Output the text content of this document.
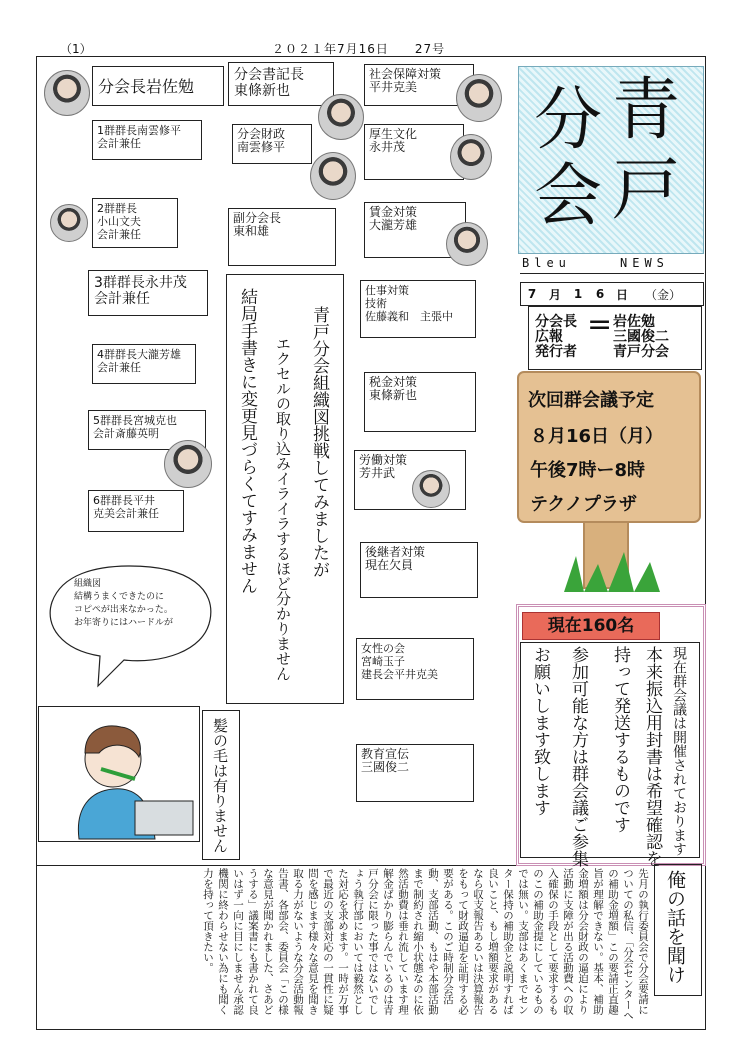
（1）	２０２１年7月16日　　27号
分会長岩佐勉
1群群長南雲修平
会計兼任
2群群長
小山文夫
会計兼任
3群群長永井茂
会計兼任
4群群長大瀧芳雄
会計兼任
5群群長宮城克也
会計斎藤英明
6群群長平井
克美会計兼任
分会書記長
東條新也
分会財政
南雲修平
副分会長
東和雄
社会保障対策
平井克美
厚生文化
永井茂
賃金対策
大瀧芳雄
仕事対策
技術
佐藤義和　主張中
税金対策
東條新也
労働対策
芳井武
後継者対策
現在欠員
女性の会
宮崎玉子
建長会平井克美
教育宣伝
三國俊二
青戸分会組織図挑戦してみましたが
エクセルの取り込みイライラするほど分かりません
結局手書きに変更見づらくてすみません
組織図
結構うまくできたのに
コピペが出来なかった。
お年寄りにはハードルが
髪の毛は有りません
青
分
戸
会
Bleu	NEWS
7	月	1	6 日	（金）
分会長
広報
発行者
= 岩佐勉
三國俊二
青戸分会
次回群会議予定
８月16日（月）
午後7時ー8時
テクノプラザ
現在160名
現在群会議は開催されております
本来振込用封書は希望確認を
持って発送するものです
参加可能な方は群会議ご参集
お願いします致します
俺の話を聞け
先月の執行委員会で分会要請についての私信、「分会センターへの補助金増額」この要請正直趣旨が理解できない。基本、補助金増額は分会財政の逼迫により活動に支障が出る活動費への収入確保の手段として要求するものこの補助金提にしているものでは無い。支部はあくまでセンター保持の補助金と説明すれば良いこと、もし増額要求があるなら収支報告あるいは決算報告をもって財政逼迫を証明する必要がある。このご時制分会活動、支部活動、もはや本部活動まで制約され縮小状態なのに依然活動費は垂れ流しています理解金ばかり膨らんでいるのは青戸分会に限った事ではないでしょう執行部においては毅然とした対応を求めます。一時が万事で最近の支部対応の一貫性に疑問を感じます様々な意見を聞き取る力がないような分会活動報告書、各部会、委員会「この様な意見が聞かれました、さあどうする」議案書にも書かれて良いはず一向に目にしません承認機関に終わらせない為にも聞く力を持って頂きたい。
